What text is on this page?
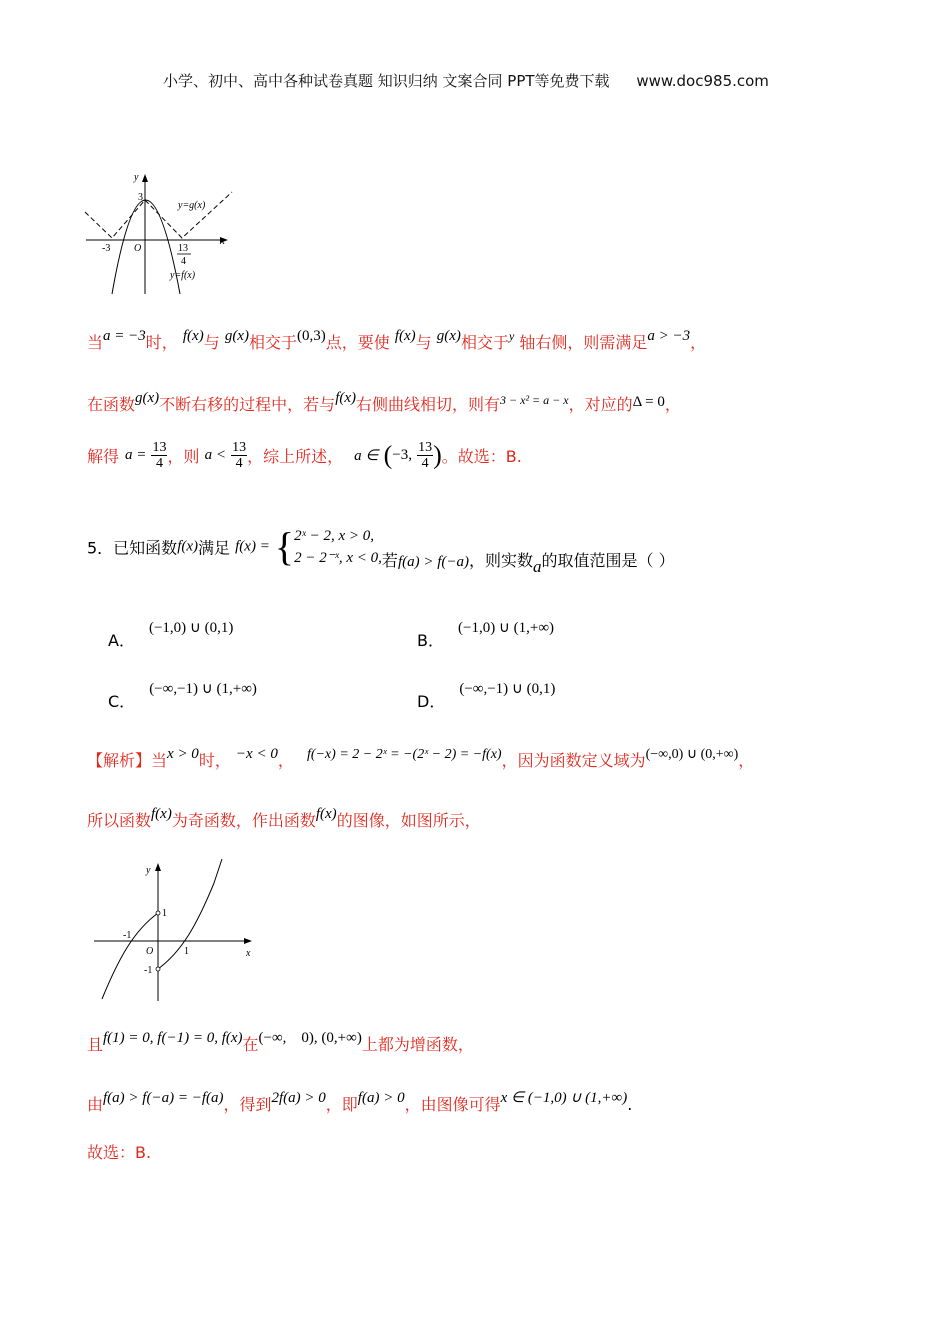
小学、初中、高中各种试卷真题 知识归纳 文案合同 PPT等免费下载 www.doc985.com
y
x
3
-3 O	13
4
y=g(x)
y=f(x)
当a = −3时， f(x)与 g(x)相交于(0,3)点，要使 f(x)与 g(x)相交于$^y$ 轴右侧，则需满足a > −3，
在函数g(x)不断右移的过程中，若与f(x)右侧曲线相切，则有$^{3 - x^2 = a - x}$，对应的Δ = 0，
解得 $a = \frac{13}{4}$ ，则 $a < \frac{13}{4}$ ，综上所述， a ∈ (−3, $\frac{13}{4}$ )。故选：B.
5．已知函数f(x)满足 f(x) = { 2ˣ − 2, x > 0,
2 − 2⁻ˣ, x < 0, 若f(a) > f(−a)，则实数a的取值范围是（ ）
A．(−1,0) ∪ (0,1)
B．(−1,0) ∪ (1,+∞)
C．(−∞,−1) ∪ (1,+∞)
D．(−∞,−1) ∪ (0,1)
【解析】当x > 0时， −x < 0， f(−x) = 2 − 2ˣ = −(2ˣ − 2) = −f(x)，因为函数定义域为(−∞,0) ∪ (0,+∞)，
所以函数f(x)为奇函数，作出函数f(x)的图像，如图所示，
y
x
1
-1
O	1
-1
且f(1) = 0, f(−1) = 0, f(x)在(−∞,    0), (0,+∞)上都为增函数，
由f(a) > f(−a) = −f(a)，得到2f(a) > 0，即f(a) > 0，由图像可得x ∈ (−1,0) ∪ (1,+∞).
故选：B.
